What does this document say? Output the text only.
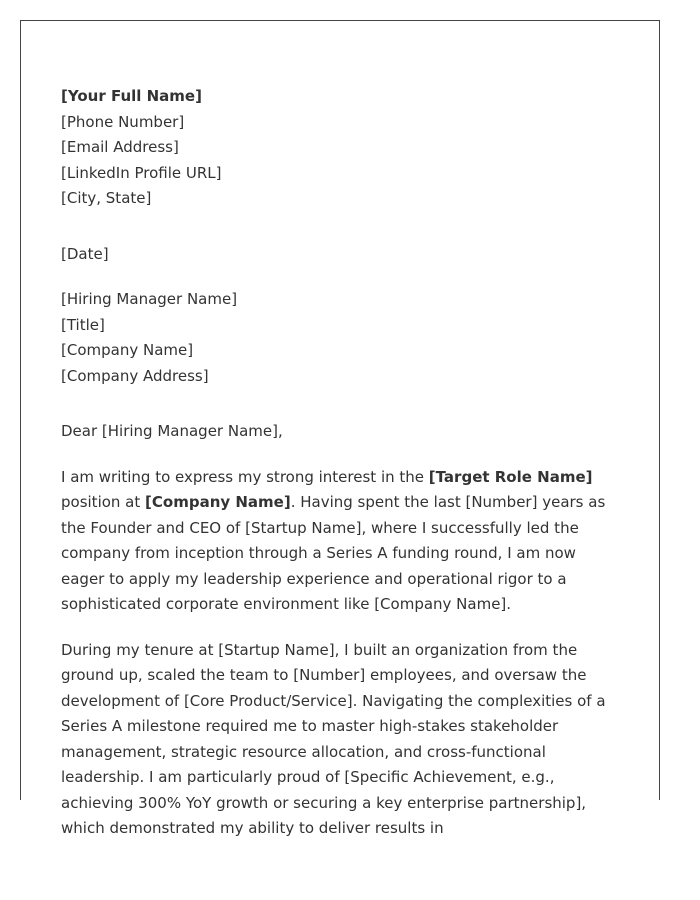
[Your Full Name]

[Phone Number]

[Email Address]

[LinkedIn Profile URL]

[City, State]

[Date]

[Hiring Manager Name]

[Title]

[Company Name]

[Company Address]

Dear [Hiring Manager Name],

I am writing to express my strong interest in the [Target Role Name] position at [Company Name]. Having spent the last [Number] years as the Founder and CEO of [Startup Name], where I successfully led the company from inception through a Series A funding round, I am now eager to apply my leadership experience and operational rigor to a sophisticated corporate environment like [Company Name].

During my tenure at [Startup Name], I built an organization from the ground up, scaled the team to [Number] employees, and oversaw the development of [Core Product/Service]. Navigating the complexities of a Series A milestone required me to master high-stakes stakeholder management, strategic resource allocation, and cross-functional leadership. I am particularly proud of [Specific Achievement, e.g., achieving 300% YoY growth or securing a key enterprise partnership], which demonstrated my ability to deliver results in
